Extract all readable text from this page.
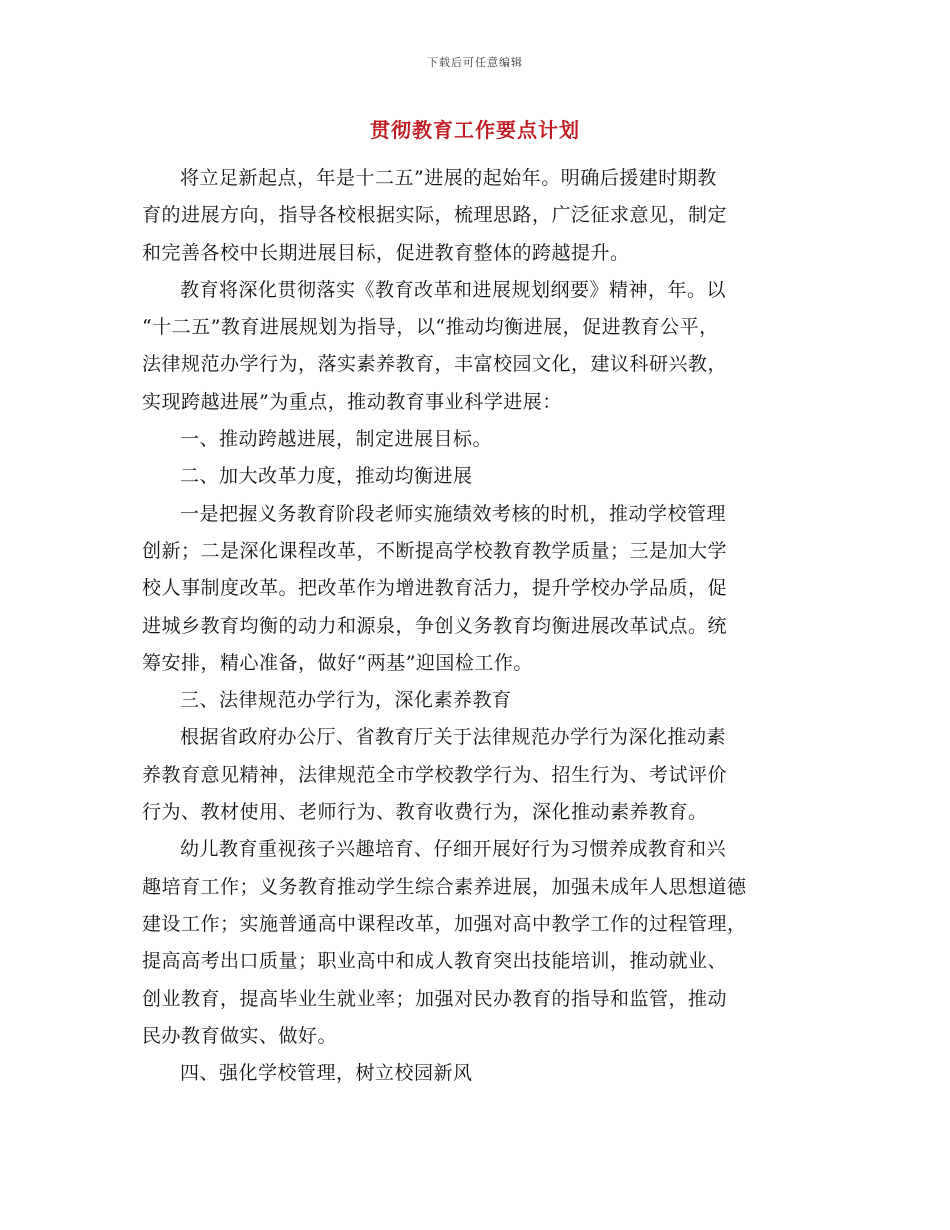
下载后可任意编辑
贯彻教育工作要点计划

将立足新起点，年是十二五”进展的起始年。明确后援建时期教
育的进展方向，指导各校根据实际，梳理思路，广泛征求意见，制定
和完善各校中长期进展目标，促进教育整体的跨越提升。

教育将深化贯彻落实《教育改革和进展规划纲要》精神，年。以
“十二五”教育进展规划为指导，以“推动均衡进展，促进教育公平，
法律规范办学行为，落实素养教育，丰富校园文化，建议科研兴教，
实现跨越进展”为重点，推动教育事业科学进展：

一、推动跨越进展，制定进展目标。

二、加大改革力度，推动均衡进展

一是把握义务教育阶段老师实施绩效考核的时机，推动学校管理
创新；二是深化课程改革，不断提高学校教育教学质量；三是加大学
校人事制度改革。把改革作为增进教育活力，提升学校办学品质，促
进城乡教育均衡的动力和源泉，争创义务教育均衡进展改革试点。统
筹安排，精心准备，做好“两基”迎国检工作。

三、法律规范办学行为，深化素养教育

根据省政府办公厅、省教育厅关于法律规范办学行为深化推动素
养教育意见精神，法律规范全市学校教学行为、招生行为、考试评价
行为、教材使用、老师行为、教育收费行为，深化推动素养教育。

幼儿教育重视孩子兴趣培育、仔细开展好行为习惯养成教育和兴
趣培育工作；义务教育推动学生综合素养进展，加强未成年人思想道德
建设工作；实施普通高中课程改革，加强对高中教学工作的过程管理，
提高高考出口质量；职业高中和成人教育突出技能培训，推动就业、
创业教育，提高毕业生就业率；加强对民办教育的指导和监管，推动
民办教育做实、做好。

四、强化学校管理，树立校园新风
